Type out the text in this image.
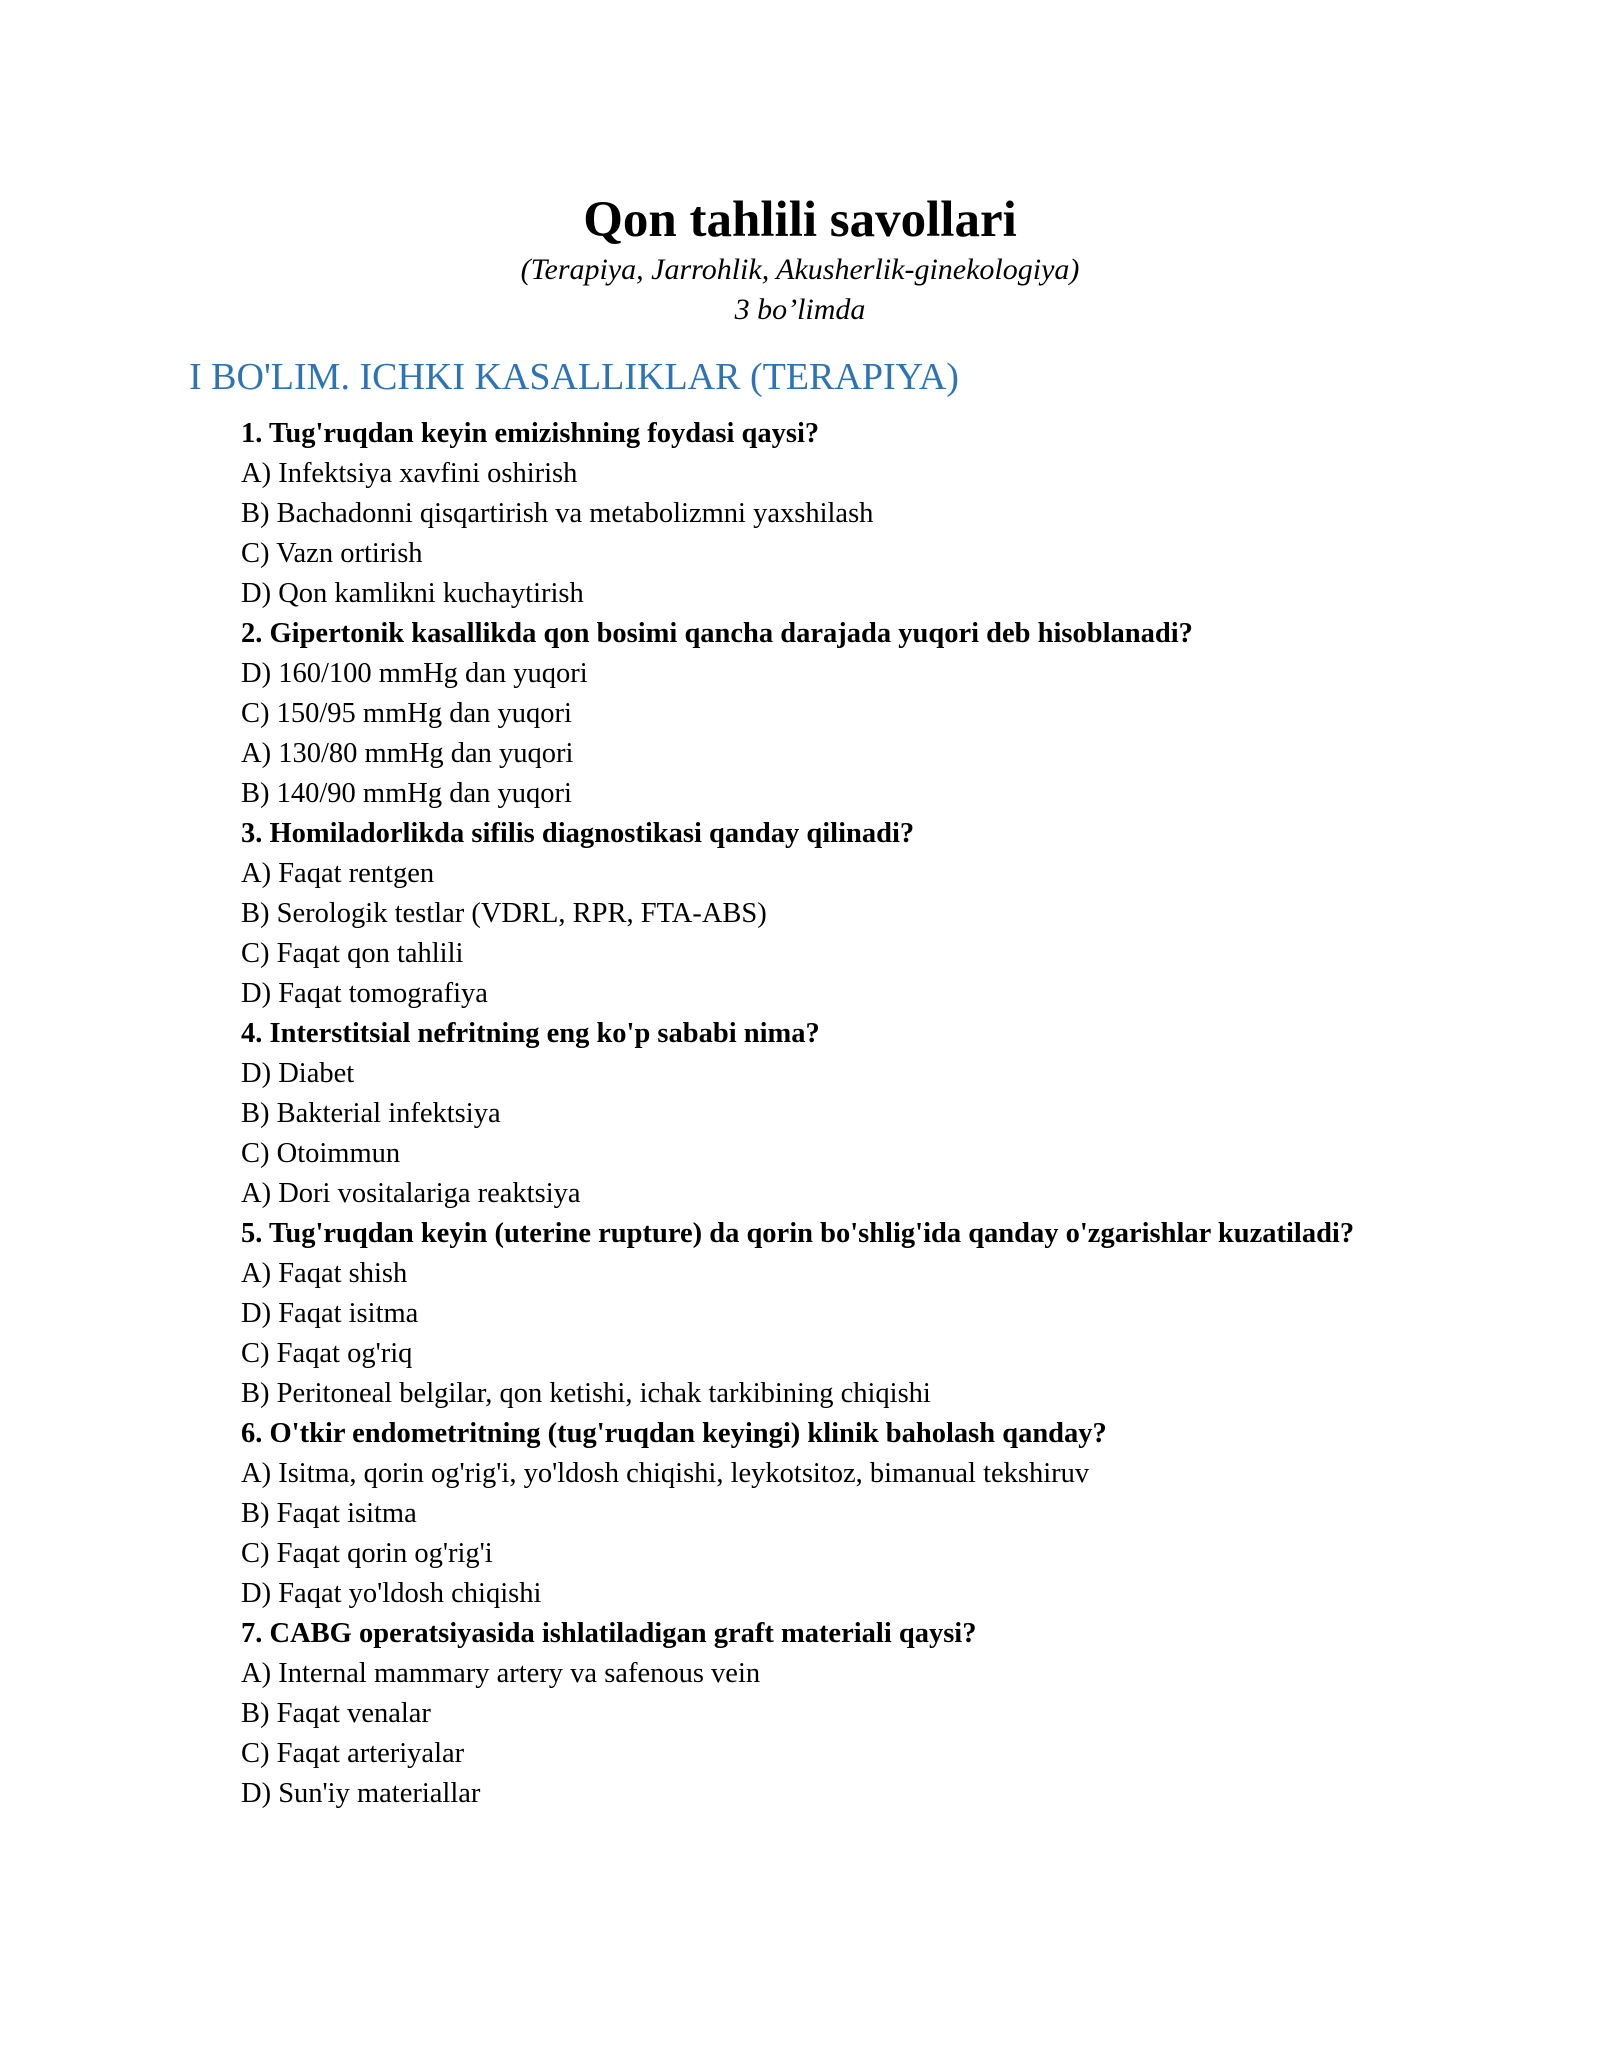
Qon tahlili savollari
(Terapiya, Jarrohlik, Akusherlik-ginekologiya)
3 bo’limda
I BO'LIM. ICHKI KASALLIKLAR (TERAPIYA)
1. Tug'ruqdan keyin emizishning foydasi qaysi?
A) Infektsiya xavfini oshirish
B) Bachadonni qisqartirish va metabolizmni yaxshilash
C) Vazn ortirish
D) Qon kamlikni kuchaytirish
2. Gipertonik kasallikda qon bosimi qancha darajada yuqori deb hisoblanadi?
D) 160/100 mmHg dan yuqori
C) 150/95 mmHg dan yuqori
A) 130/80 mmHg dan yuqori
B) 140/90 mmHg dan yuqori
3. Homiladorlikda sifilis diagnostikasi qanday qilinadi?
A) Faqat rentgen
B) Serologik testlar (VDRL, RPR, FTA-ABS)
C) Faqat qon tahlili
D) Faqat tomografiya
4. Interstitsial nefritning eng ko'p sababi nima?
D) Diabet
B) Bakterial infektsiya
C) Otoimmun
A) Dori vositalariga reaktsiya
5. Tug'ruqdan keyin (uterine rupture) da qorin bo'shlig'ida qanday o'zgarishlar kuzatiladi?
A) Faqat shish
D) Faqat isitma
C) Faqat og'riq
B) Peritoneal belgilar, qon ketishi, ichak tarkibining chiqishi
6. O'tkir endometritning (tug'ruqdan keyingi) klinik baholash qanday?
A) Isitma, qorin og'rig'i, yo'ldosh chiqishi, leykotsitoz, bimanual tekshiruv
B) Faqat isitma
C) Faqat qorin og'rig'i
D) Faqat yo'ldosh chiqishi
7. CABG operatsiyasida ishlatiladigan graft materiali qaysi?
A) Internal mammary artery va safenous vein
B) Faqat venalar
C) Faqat arteriyalar
D) Sun'iy materiallar
